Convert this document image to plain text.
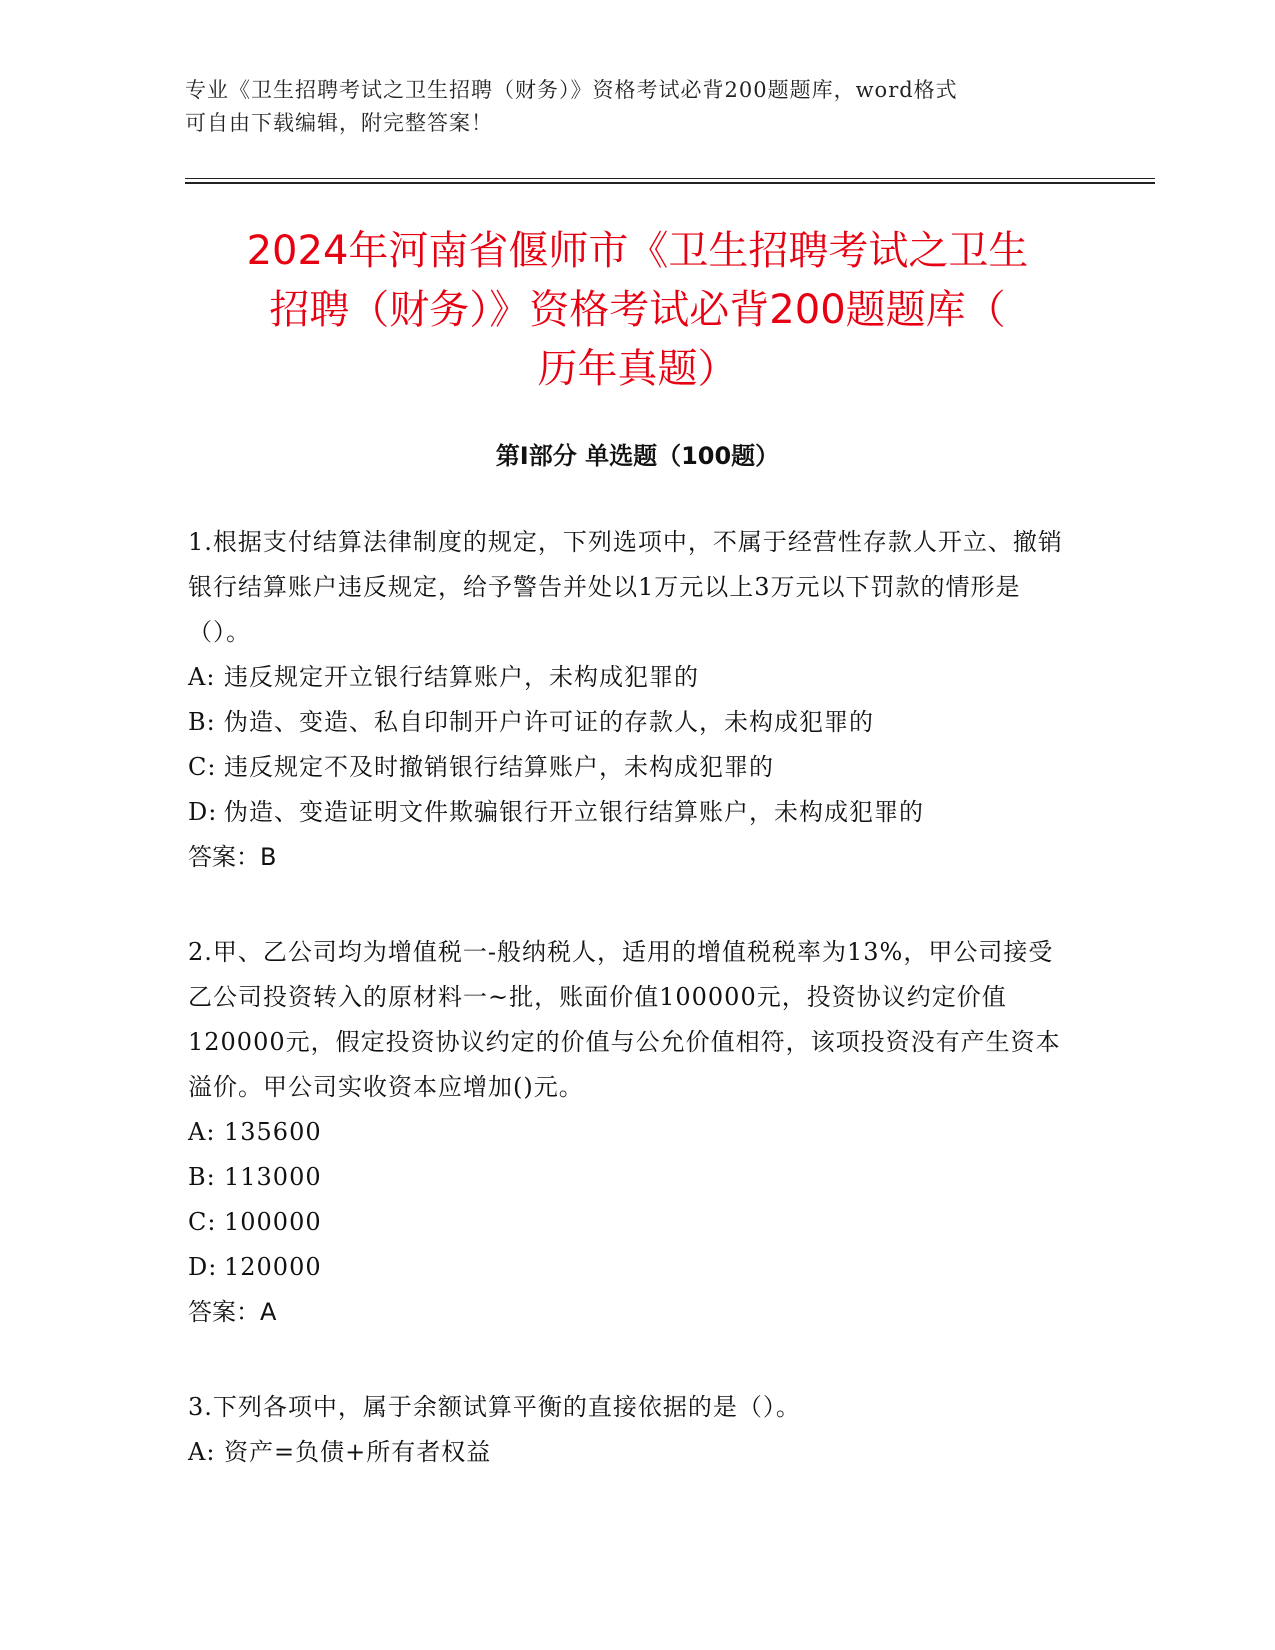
专业《卫生招聘考试之卫生招聘（财务）》资格考试必背200题题库，word格式
可自由下载编辑，附完整答案！
2024年河南省偃师市《卫生招聘考试之卫生
招聘（财务）》资格考试必背200题题库（
历年真题）
第I部分 单选题（100题）

1.根据支付结算法律制度的规定，下列选项中，不属于经营性存款人开立、撤销银行结算账户违反规定，给予警告并处以1万元以上3万元以下罚款的情形是（）。

A: 违反规定开立银行结算账户，未构成犯罪的

B: 伪造、变造、私自印制开户许可证的存款人，未构成犯罪的

C: 违反规定不及时撤销银行结算账户，未构成犯罪的

D: 伪造、变造证明文件欺骗银行开立银行结算账户，未构成犯罪的

答案：B

2.甲、乙公司均为增值税一-般纳税人，适用的增值税税率为13%，甲公司接受乙公司投资转入的原材料一~批，账面价值100000元，投资协议约定价值120000元，假定投资协议约定的价值与公允价值相符，该项投资没有产生资本溢价。甲公司实收资本应增加()元。

A: 135600

B: 113000

C: 100000

D: 120000

答案：A

3.下列各项中，属于余额试算平衡的直接依据的是（）。

A: 资产=负债+所有者权益
